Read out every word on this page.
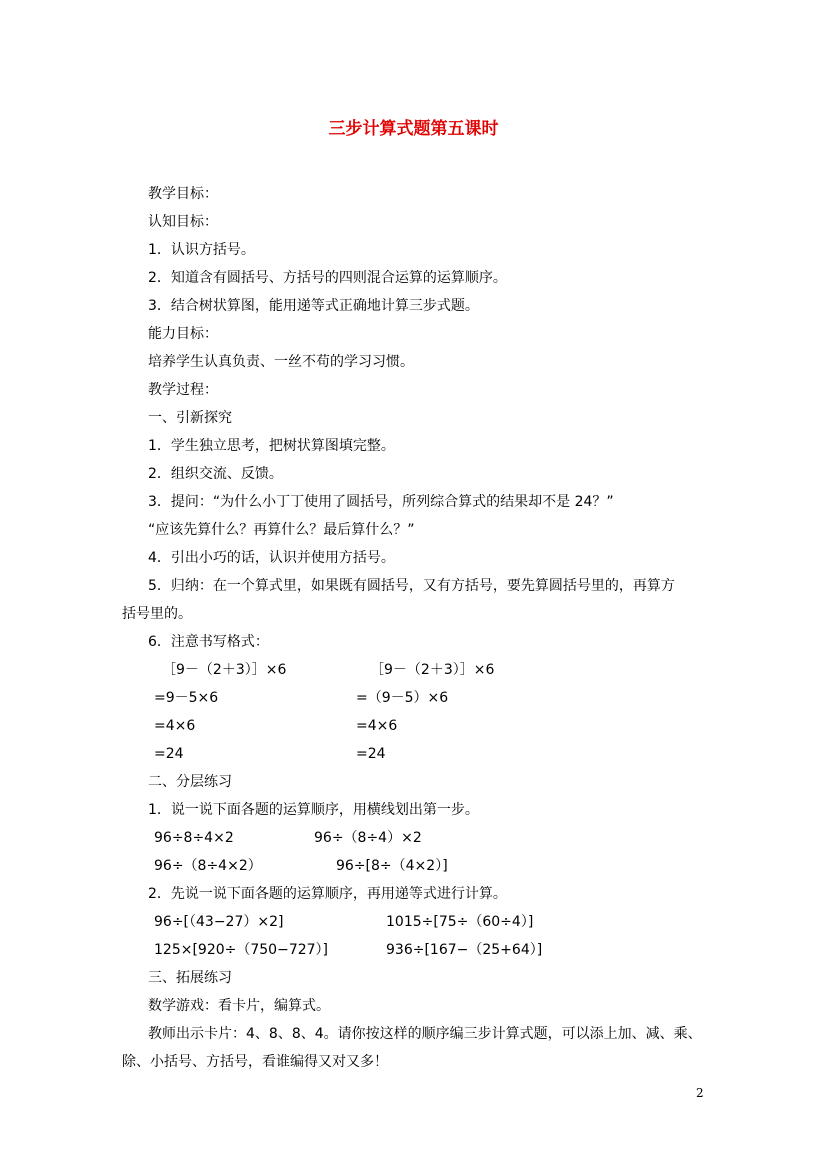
三步计算式题第五课时
教学目标：
认知目标：
1．认识方括号。
2．知道含有圆括号、方括号的四则混合运算的运算顺序。
3．结合树状算图，能用递等式正确地计算三步式题。
能力目标：
培养学生认真负责、一丝不苟的学习习惯。
教学过程：
一、引新探究
1．学生独立思考，把树状算图填完整。
2．组织交流、反馈。
3．提问：“为什么小丁丁使用了圆括号，所列综合算式的结果却不是 24？”
“应该先算什么？再算什么？最后算什么？”
4．引出小巧的话，认识并使用方括号。
5．归纳：在一个算式里，如果既有圆括号，又有方括号，要先算圆括号里的，再算方
括号里的。
6．注意书写格式：
［9－（2＋3）］×6	［9－（2＋3）］×6
=9－5×6	=（9－5）×6
=4×6	=4×6
=24	=24
二、分层练习
1．说一说下面各题的运算顺序，用横线划出第一步。
96÷8÷4×2	96÷（8÷4）×2
96÷（8÷4×2）	96÷[8÷（4×2）]
2．先说一说下面各题的运算顺序，再用递等式进行计算。
96÷[（43−27）×2]	1015÷[75÷（60÷4）]
125×[920÷（750−727）]	936÷[167−（25+64）]
三、拓展练习
数学游戏：看卡片，编算式。
教师出示卡片：4、8、8、4。请你按这样的顺序编三步计算式题，可以添上加、减、乘、
除、小括号、方括号，看谁编得又对又多！
2
